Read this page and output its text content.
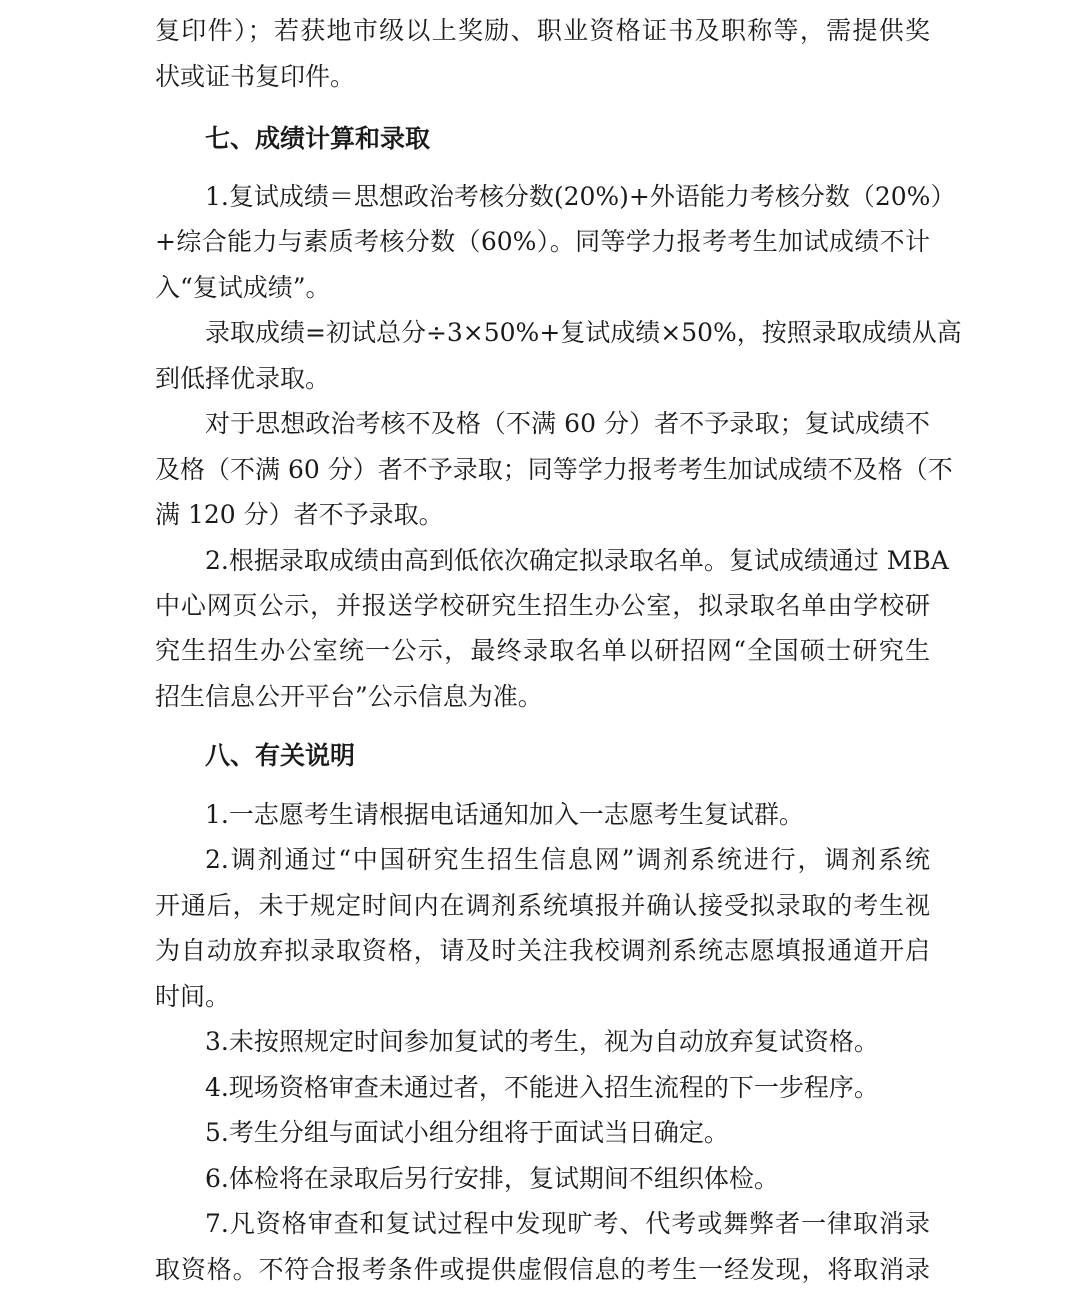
复印件）；若获地市级以上奖励、职业资格证书及职称等，需提供奖
状或证书复印件。
七、成绩计算和录取
1.复试成绩＝思想政治考核分数(20%)+外语能力考核分数（20%）
+综合能力与素质考核分数（60%）。同等学力报考考生加试成绩不计
入“复试成绩”。
录取成绩=初试总分÷3×50%+复试成绩×50%，按照录取成绩从高
到低择优录取。
对于思想政治考核不及格（不满 60 分）者不予录取；复试成绩不
及格（不满 60 分）者不予录取；同等学力报考考生加试成绩不及格（不
满 120 分）者不予录取。
2.根据录取成绩由高到低依次确定拟录取名单。复试成绩通过 MBA
中心网页公示，并报送学校研究生招生办公室，拟录取名单由学校研
究生招生办公室统一公示，最终录取名单以研招网“全国硕士研究生
招生信息公开平台”公示信息为准。
八、有关说明
1.一志愿考生请根据电话通知加入一志愿考生复试群。
2.调剂通过“中国研究生招生信息网”调剂系统进行，调剂系统
开通后，未于规定时间内在调剂系统填报并确认接受拟录取的考生视
为自动放弃拟录取资格，请及时关注我校调剂系统志愿填报通道开启
时间。
3.未按照规定时间参加复试的考生，视为自动放弃复试资格。
4.现场资格审查未通过者，不能进入招生流程的下一步程序。
5.考生分组与面试小组分组将于面试当日确定。
6.体检将在录取后另行安排，复试期间不组织体检。
7.凡资格审查和复试过程中发现旷考、代考或舞弊者一律取消录
取资格。不符合报考条件或提供虚假信息的考生一经发现，将取消录
